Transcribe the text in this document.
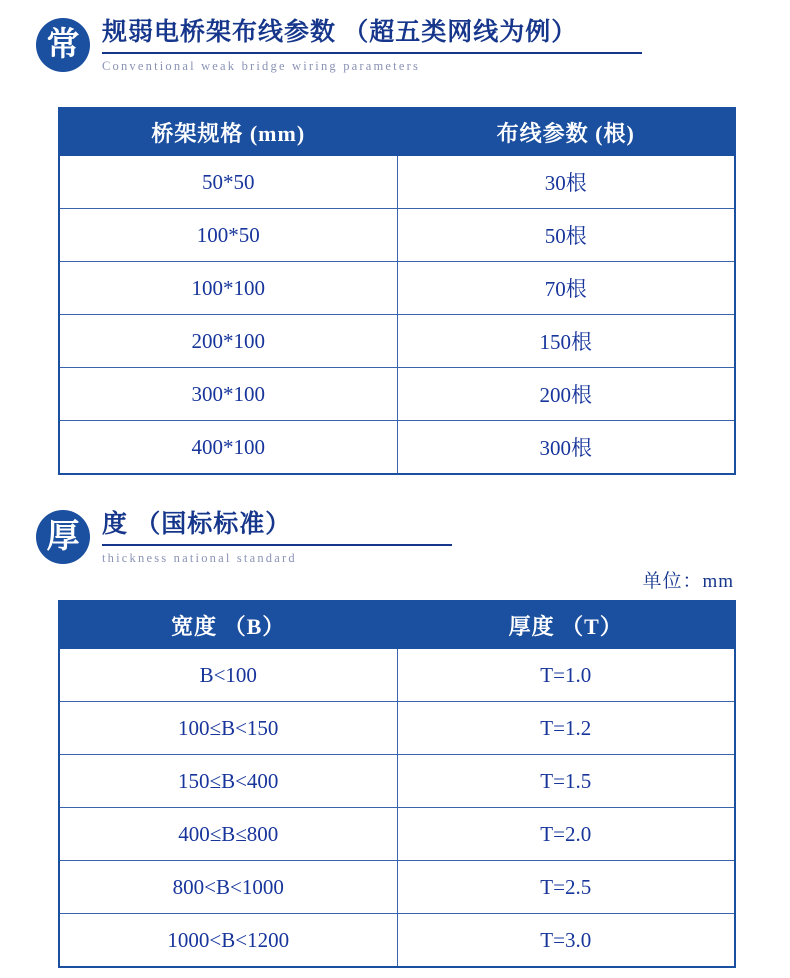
常 规弱电桥架布线参数 （超五类网线为例）
Conventional weak bridge wiring parameters
桥架规格 (mm)	布线参数 (根)
50*50	30根
100*50	50根
100*100	70根
200*100	150根
300*100	200根
400*100	300根
厚 度 （国标标准）
thickness national standard
单位：mm
宽度 （B）	厚度 （T）
B<100	T=1.0
100≤B<150	T=1.2
150≤B<400	T=1.5
400≤B≤800	T=2.0
800<B<1000	T=2.5
1000<B<1200	T=3.0
